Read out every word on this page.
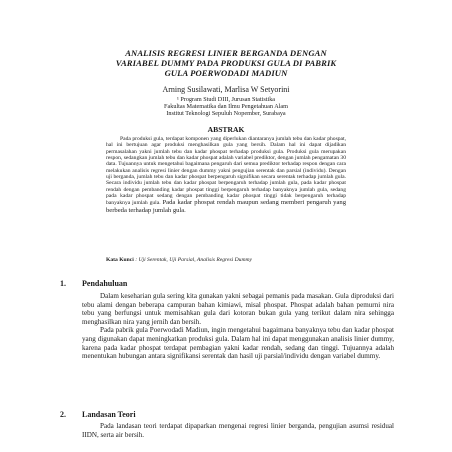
ANALISIS REGRESI LINIER BERGANDA DENGAN
VARIABEL DUMMY PADA PRODUKSI GULA DI PABRIK
GULA POERWODADI MADIUN
Arning Susilawati, Marlisa W Setyorini
¹ Program Studi DIII, Jurusan Statistika
Fakultas Matematika dan Ilmu Pengetahuan Alam
Institut Teknologi Sepuluh Nopember, Surabaya
ABSTRAK
Pada produksi gula, terdapat komponen yang diperlukan diantaranya jumlah tebu dan kadar phospat, hal ini bertujuan agar produksi menghasilkan gula yang bersih. Dalam hal ini dapat dijadikan permasalahan yakni jumlah tebu dan kadar phospat terhadap produksi gula. Produksi gula merupakan respon, sedangkan jumlah tebu dan kadar phospat adalah variabel prediktor, dengan jumlah pengamatan 30 data. Tujuannya untuk mengetahui bagaimana pengaruh dari semua prediktor terhadap respon dengan cara melakukan analisis regresi linier dengan dummy yakni pengujian serentak dan parsial (individu). Dengan uji berganda, jumlah tebu dan kadar phospat berpengaruh signifikan secara serentak terhadap jumlah gula. Secara individu jumlah tebu dan kadar phospat berpengaruh terhadap jumlah gula, pada kadar phospat rendah dengan pembanding kadar phospat tinggi berpengaruh terhadap banyaknya jumlah gula, sedang pada kadar phospat sedang dengan pembanding kadar phospat tinggi tidak berpengaruh terhadap banyaknya jumlah gula. Pada kadar phospat rendah maupun sedang memberi pengaruh yang berbeda terhadap jumlah gula.
Kata Kunci : Uji Serentak, Uji Parsial, Analisis Regresi Dummy
1.	Pendahuluan

Dalam keseharian gula sering kita gunakan yakni sebagai pemanis pada masakan. Gula diproduksi dari tebu alami dengan beberapa campuran bahan kimiawi, misal phospat. Phospat adalah bahan pemurni nira tebu yang berfungsi untuk memisahkan gula dari kotoran bukan gula yang terikut dalam nira sehingga menghasilkan nira yang jernih dan bersih.

Pada pabrik gula Poerwodadi Madiun, ingin mengetahui bagaimana banyaknya tebu dan kadar phospat yang digunakan dapat meningkatkan produksi gula. Dalam hal ini dapat menggunakan analisis linier dummy, karena pada kadar phospat terdapat pembagian yakni kadar rendah, sedang dan tinggi. Tujuannya adalah menentukan hubungan antara signifikansi serentak dan hasil uji parsial/individu dengan variabel dummy.

2.	Landasan Teori

Pada landasan teori terdapat dipaparkan mengenai regresi linier berganda, pengujian asumsi residual IIDN, serta air bersih.
